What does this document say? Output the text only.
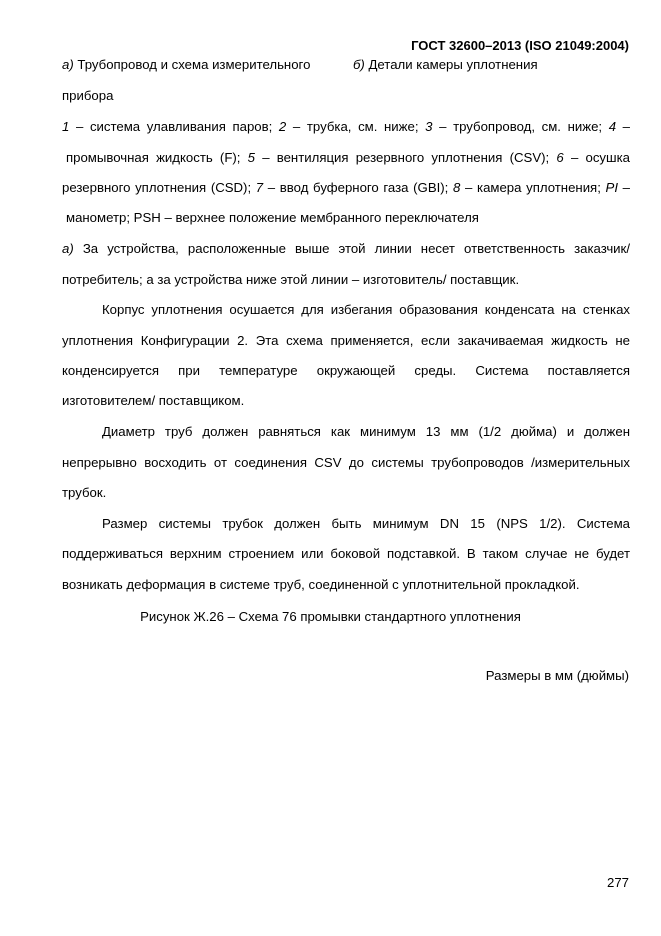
ГОСТ 32600–2013 (ISO 21049:2004)
а) Трубопровод и схема измерительного	б) Детали камеры уплотнения
прибора
1 – система улавливания паров; 2 – трубка, см. ниже; 3 – трубопровод, см. ниже; 4 –
промывочная жидкость (F); 5 – вентиляция резервного уплотнения (CSV); 6 – осушка
резервного уплотнения (CSD); 7 – ввод буферного газа (GBI); 8 – камера уплотнения; PI –
манометр; PSH – верхнее положение мембранного переключателя
а) За устройства, расположенные выше этой линии несет ответственность заказчик/
потребитель; а за устройства ниже этой линии – изготовитель/ поставщик.
Корпус уплотнения осушается для избегания образования конденсата на стенках
уплотнения Конфигурации 2. Эта схема применяется, если закачиваемая жидкость не
конденсируется при температуре окружающей среды. Система поставляется
изготовителем/ поставщиком.
Диаметр труб должен равняться как минимум 13 мм (1/2 дюйма) и должен
непрерывно восходить от соединения CSV до системы трубопроводов /измерительных
трубок.
Размер системы трубок должен быть минимум DN 15 (NPS 1/2). Система
поддерживаться верхним строением или боковой подставкой. В таком случае не будет
возникать деформация в системе труб, соединенной с уплотнительной прокладкой.
Рисунок Ж.26 – Схема 76 промывки стандартного уплотнения
Размеры в мм (дюймы)
277
